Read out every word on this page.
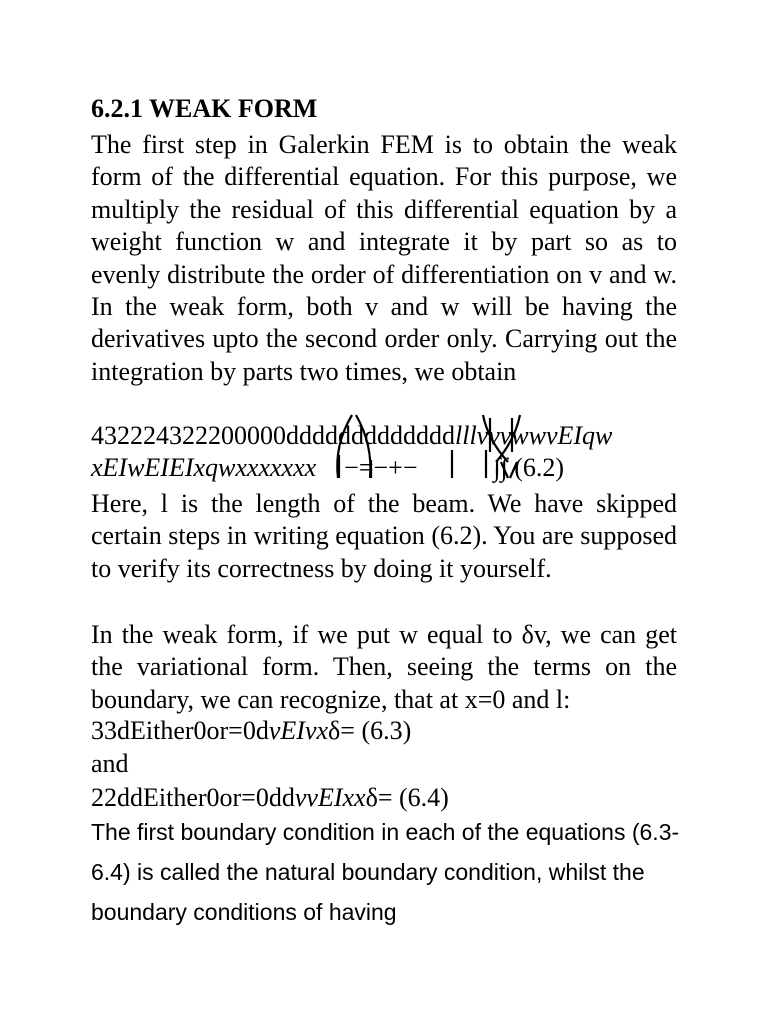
6.2.1 WEAK FORM
The first step in Galerkin FEM is to obtain the weak form of the differential equation. For this purpose, we multiply the residual of this differential equation by a weight function w and integrate it by part so as to evenly distribute the order of differentiation on v and w. In the weak form, both v and w will be having the derivatives upto the second order only. Carrying out the integration by parts two times, we obtain
432224322200000dddddddddddddlllvvvwwvEIqw
xEIwEIEIxqwxxxxxxx −=−+−	∫∫ (6.2)
Here, l is the length of the beam. We have skipped certain steps in writing equation (6.2). You are supposed to verify its correctness by doing it yourself.
In the weak form, if we put w equal to δv, we can get the variational form. Then, seeing the terms on the boundary, we can recognize, that at x=0 and l:
33dEither0or=0dvEIvxδ= (6.3)
and
22ddEither0or=0ddvvEIxxδ= (6.4)
The first boundary condition in each of the equations (6.3-6.4) is called the natural boundary condition, whilst the boundary conditions of having
